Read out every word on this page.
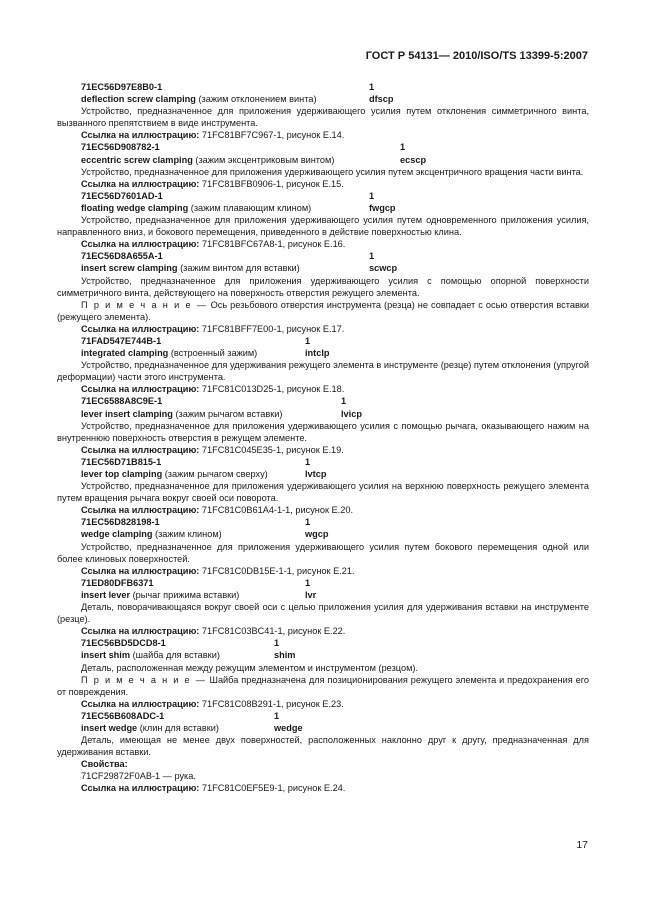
ГОСТ Р 54131— 2010/ISO/TS 13399-5:2007
71EC56D97E8B0-1	1
deflection screw clamping (зажим отклонением винта)	dfscp
Устройство, предназначенное для приложения удерживающего усилия путем отклонения симметричного винта, вызванного препятствием в виде инструмента.
Ссылка на иллюстрацию: 71FC81BF7C967-1, рисунок Е.14.
71EC56D908782-1	1
eccentric screw clamping (зажим эксцентриковым винтом)	ecscp
Устройство, предназначенное для приложения удерживающего усилия путем эксцентричного вращения части винта.
Ссылка на иллюстрацию: 71FC81BFB0906-1, рисунок Е.15.
71EC56D7601AD-1	1
floating wedge clamping (зажим плавающим клином)	fwgcp
Устройство, предназначенное для приложения удерживающего усилия путем одновременного приложения усилия, направленного вниз, и бокового перемещения, приведенного в действие поверхностью клина.
Ссылка на иллюстрацию: 71FC81BFC67A8-1, рисунок Е.16.
71EC56D8A655A-1	1
insert screw clamping (зажим винтом для вставки)	scwcp
Устройство, предназначенное для приложения удерживающего усилия с помощью опорной поверхности симметричного винта, действующего на поверхность отверстия режущего элемента.
П р и м е ч а н и е — Ось резьбового отверстия инструмента (резца) не совпадает с осью отверстия вставки (режущего элемента).
Ссылка на иллюстрацию: 71FC81BFF7E00-1, рисунок Е.17.
71FAD547E744B-1	1
integrated clamping (встроенный зажим)	intclp
Устройство, предназначенное для удерживания режущего элемента в инструменте (резце) путем отклонения (упругой деформации) части этого инструмента.
Ссылка на иллюстрацию: 71FC81C013D25-1, рисунок Е.18.
71EC6588A8C9E-1	1
lever insert clamping (зажим рычагом вставки)	lvicp
Устройство, предназначенное для приложения удерживающего усилия с помощью рычага, оказывающего нажим на внутреннюю поверхность отверстия в режущем элементе.
Ссылка на иллюстрацию: 71FC81C045E35-1, рисунок Е.19.
71EC56D71B815-1	1
lever top clamping (зажим рычагом сверху)	lvtcp
Устройство, предназначенное для приложения удерживающего усилия на верхнюю поверхность режущего элемента путем вращения рычага вокруг своей оси поворота.
Ссылка на иллюстрацию: 71FC81C0B61A4-1-1, рисунок Е.20.
71EC56D828198-1	1
wedge clamping (зажим клином)	wgcp
Устройство, предназначенное для приложения удерживающего усилия путем бокового перемещения одной или более клиновых поверхностей.
Ссылка на иллюстрацию: 71FC81C0DB15E-1-1, рисунок Е.21.
71ED80DFB6371	1
insert lever (рычаг прижима вставки)	lvr
Деталь, поворачивающаяся вокруг своей оси с целью приложения усилия для удерживания вставки на инструменте (резце).
Ссылка на иллюстрацию: 71FC81C03BC41-1, рисунок Е.22.
71EC56BD5DCD8-1	1
insert shim (шайба для вставки)	shim
Деталь, расположенная между режущим элементом и инструментом (резцом).
П р и м е ч а н и е — Шайба предназначена для позиционирования режущего элемента и предохранения его от повреждения.
Ссылка на иллюстрацию: 71FC81C08B291-1, рисунок Е.23.
71EC56B608ADC-1	1
insert wedge (клин для вставки)	wedge
Деталь, имеющая не менее двух поверхностей, расположенных наклонно друг к другу, предназначенная для удерживания вставки.
Свойства:
71CF29872F0AB-1 — рука.
Ссылка на иллюстрацию: 71FC81C0EF5E9-1, рисунок Е.24.
17
